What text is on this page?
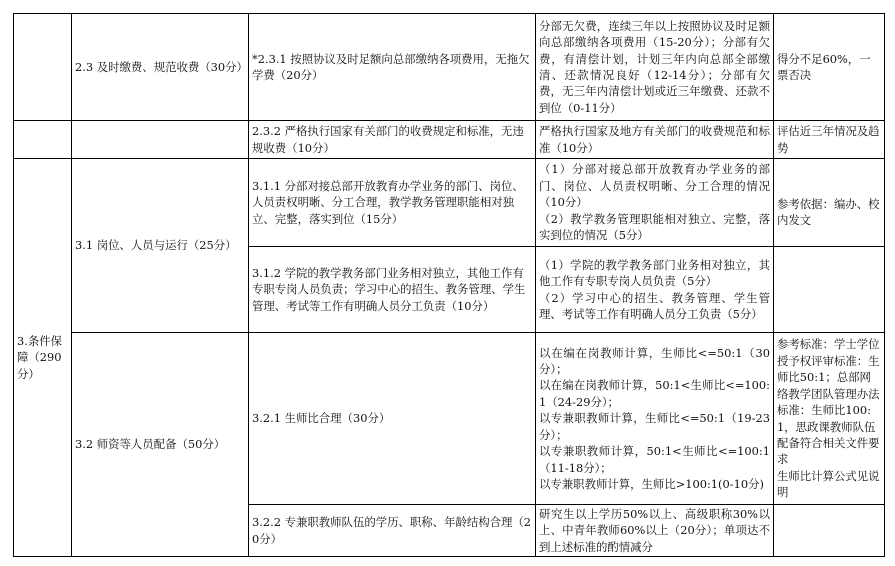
	2.3 及时缴费、规范收费（30分）	*2.3.1 按照协议及时足额向总部缴纳各项费用，无拖欠学费（20分）	分部无欠费，连续三年以上按照协议及时足额向总部缴纳各项费用（15-20分）；分部有欠费，有清偿计划，计划三年内向总部全部缴清、还款情况良好（12-14分）；分部有欠费，无三年内清偿计划或近三年缴费、还款不到位（0-11分）	得分不足60%，一票否决
		2.3.2 严格执行国家有关部门的收费规定和标准，无违规收费（10分）	严格执行国家及地方有关部门的收费规范和标准（10分）	评估近三年情况及趋势
3.条件保障（290分）	3.1 岗位、人员与运行（25分）	3.1.1 分部对接总部开放教育办学业务的部门、岗位、人员责权明晰、分工合理，教学教务管理职能相对独立、完整，落实到位（15分）	（1）分部对接总部开放教育办学业务的部门、岗位、人员责权明晰、分工合理的情况（10分）
（2）教学教务管理职能相对独立、完整，落实到位的情况（5分）	参考依据：编办、校内发文
		3.1.2 学院的教学教务部门业务相对独立，其他工作有专职专岗人员负责；学习中心的招生、教务管理、学生管理、考试等工作有明确人员分工负责（10分）	（1）学院的教学教务部门业务相对独立，其他工作有专职专岗人员负责（5分）
（2）学习中心的招生、教务管理、学生管理、考试等工作有明确人员分工负责（5分）	
	3.2 师资等人员配备（50分）	3.2.1 生师比合理（30分）	以在编在岗教师计算，生师比<=50:1（30分）；
以在编在岗教师计算，50:1<生师比<=100:1（24-29分）；
以专兼职教师计算，生师比<=50:1（19-23分）；
以专兼职教师计算，50:1<生师比<=100:1（11-18分）；
以专兼职教师计算，生师比>100:1(0-10分)	参考标准：学士学位授予权评审标准：生师比50:1；总部网络教学团队管理办法标准：生师比100:1，思政课教师队伍配备符合相关文件要求
生师比计算公式见说明
		3.2.2 专兼职教师队伍的学历、职称、年龄结构合理（20分）	研究生以上学历50%以上、高级职称30%以上、中青年教师60%以上（20分）；单项达不到上述标准的酌情减分	
